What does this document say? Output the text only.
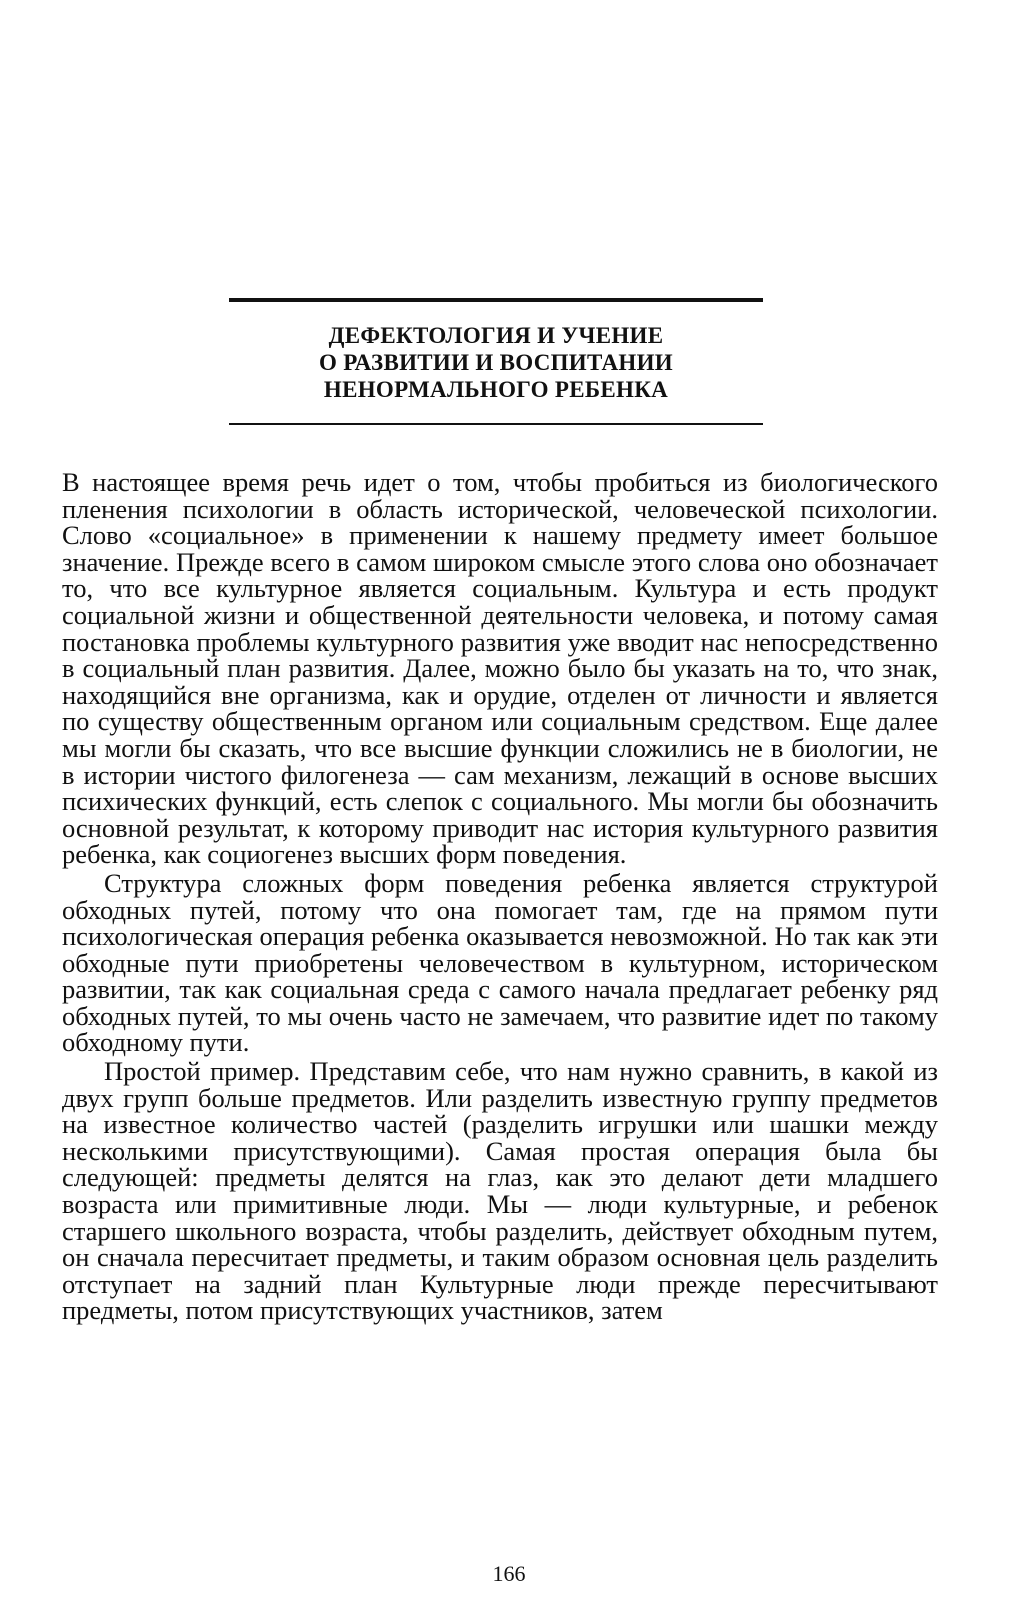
ДЕФЕКТОЛОГИЯ И УЧЕНИЕ
О РАЗВИТИИ И ВОСПИТАНИИ
НЕНОРМАЛЬНОГО РЕБЕНКА

В настоящее время речь идет о том, чтобы пробиться из биологического пленения психологии в область исторической, человеческой психологии. Слово «социальное» в применении к нашему предмету имеет большое значение. Прежде всего в самом широком смысле этого слова оно обозначает то, что все культурное является социальным. Культура и есть продукт социальной жизни и общественной деятельности человека, и потому самая постановка проблемы культурного развития уже вводит нас непосредственно в социальный план развития. Далее, можно было бы указать на то, что знак, находящийся вне организма, как и орудие, отделен от личности и является по существу общественным органом или социальным средством. Еще далее мы могли бы сказать, что все высшие функции сложились не в биологии, не в истории чистого филогенеза — сам механизм, лежащий в основе высших психических функций, есть слепок с социального. Мы могли бы обозначить основной результат, к которому приводит нас история культурного развития ребенка, как социогенез высших форм поведения.

Структура сложных форм поведения ребенка является структурой обходных путей, потому что она помогает там, где на прямом пути психологическая операция ребенка оказывается невозможной. Но так как эти обходные пути приобретены человечеством в культурном, историческом развитии, так как социальная среда с самого начала предлагает ребенку ряд обходных путей, то мы очень часто не замечаем, что развитие идет по такому обходному пути.

Простой пример. Представим себе, что нам нужно сравнить, в какой из двух групп больше предметов. Или разделить известную группу предметов на известное количество частей (разделить игрушки или шашки между несколькими присутствующими). Самая простая операция была бы следующей: предметы делятся на глаз, как это делают дети младшего возраста или примитивные люди. Мы — люди культурные, и ребенок старшего школьного возраста, чтобы разделить, действует обходным путем, он сначала пересчитает предметы, и таким образом основная цель разделить отступает на задний план Культурные люди прежде пересчитывают предметы, потом присутствующих участников, затем

166
